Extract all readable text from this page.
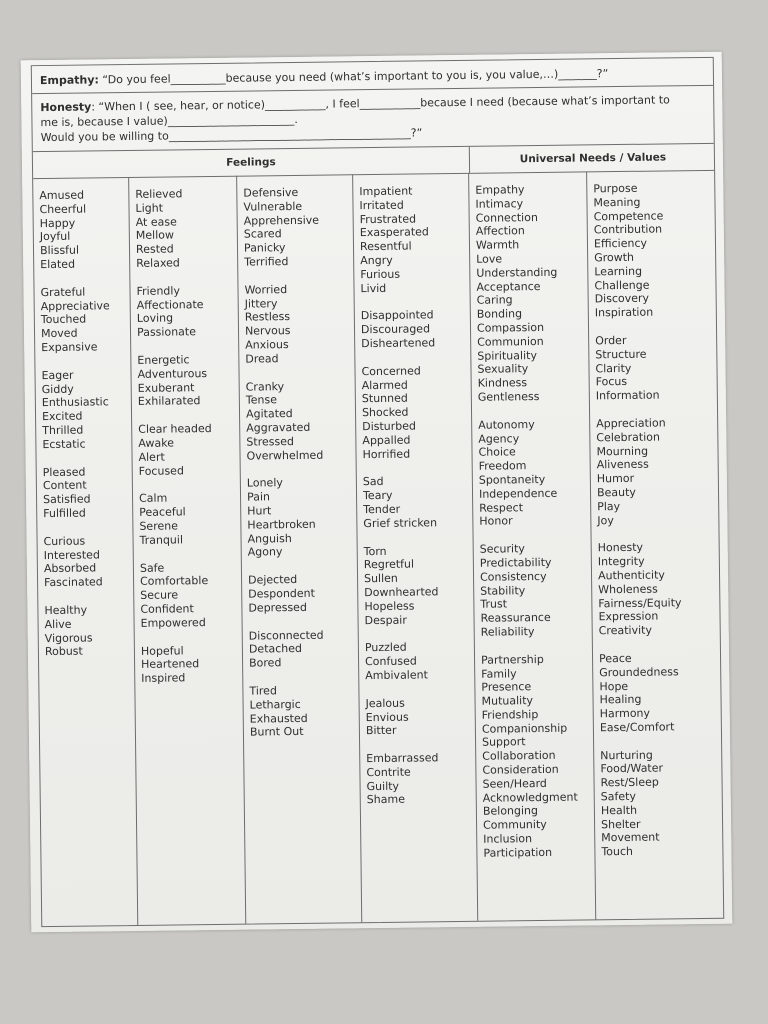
Empathy: “Do you feel__________because you need (what’s important to you is, you value,…)_______?”
Honesty: “When I ( see, hear, or notice)___________, I feel___________because I need (because what’s important to
me is, because I value)_______________________.
Would you be willing to____________________________________________?”
Feelings	Universal Needs / Values
Amused
Cheerful
Happy
Joyful
Blissful
Elated
Grateful
Appreciative
Touched
Moved
Expansive
Eager
Giddy
Enthusiastic
Excited
Thrilled
Ecstatic
Pleased
Content
Satisfied
Fulfilled
Curious
Interested
Absorbed
Fascinated
Healthy
Alive
Vigorous
Robust
Relieved
Light
At ease
Mellow
Rested
Relaxed
Friendly
Affectionate
Loving
Passionate
Energetic
Adventurous
Exuberant
Exhilarated
Clear headed
Awake
Alert
Focused
Calm
Peaceful
Serene
Tranquil
Safe
Comfortable
Secure
Confident
Empowered
Hopeful
Heartened
Inspired
Defensive
Vulnerable
Apprehensive
Scared
Panicky
Terrified
Worried
Jittery
Restless
Nervous
Anxious
Dread
Cranky
Tense
Agitated
Aggravated
Stressed
Overwhelmed
Lonely
Pain
Hurt
Heartbroken
Anguish
Agony
Dejected
Despondent
Depressed
Disconnected
Detached
Bored
Tired
Lethargic
Exhausted
Burnt Out
Impatient
Irritated
Frustrated
Exasperated
Resentful
Angry
Furious
Livid
Disappointed
Discouraged
Disheartened
Concerned
Alarmed
Stunned
Shocked
Disturbed
Appalled
Horrified
Sad
Teary
Tender
Grief stricken
Torn
Regretful
Sullen
Downhearted
Hopeless
Despair
Puzzled
Confused
Ambivalent
Jealous
Envious
Bitter
Embarrassed
Contrite
Guilty
Shame
Empathy
Intimacy
Connection
Affection
Warmth
Love
Understanding
Acceptance
Caring
Bonding
Compassion
Communion
Spirituality
Sexuality
Kindness
Gentleness
Autonomy
Agency
Choice
Freedom
Spontaneity
Independence
Respect
Honor
Security
Predictability
Consistency
Stability
Trust
Reassurance
Reliability
Partnership
Family
Presence
Mutuality
Friendship
Companionship
Support
Collaboration
Consideration
Seen/Heard
Acknowledgment
Belonging
Community
Inclusion
Participation
Purpose
Meaning
Competence
Contribution
Efficiency
Growth
Learning
Challenge
Discovery
Inspiration
Order
Structure
Clarity
Focus
Information
Appreciation
Celebration
Mourning
Aliveness
Humor
Beauty
Play
Joy
Honesty
Integrity
Authenticity
Wholeness
Fairness/Equity
Expression
Creativity
Peace
Groundedness
Hope
Healing
Harmony
Ease/Comfort
Nurturing
Food/Water
Rest/Sleep
Safety
Health
Shelter
Movement
Touch
